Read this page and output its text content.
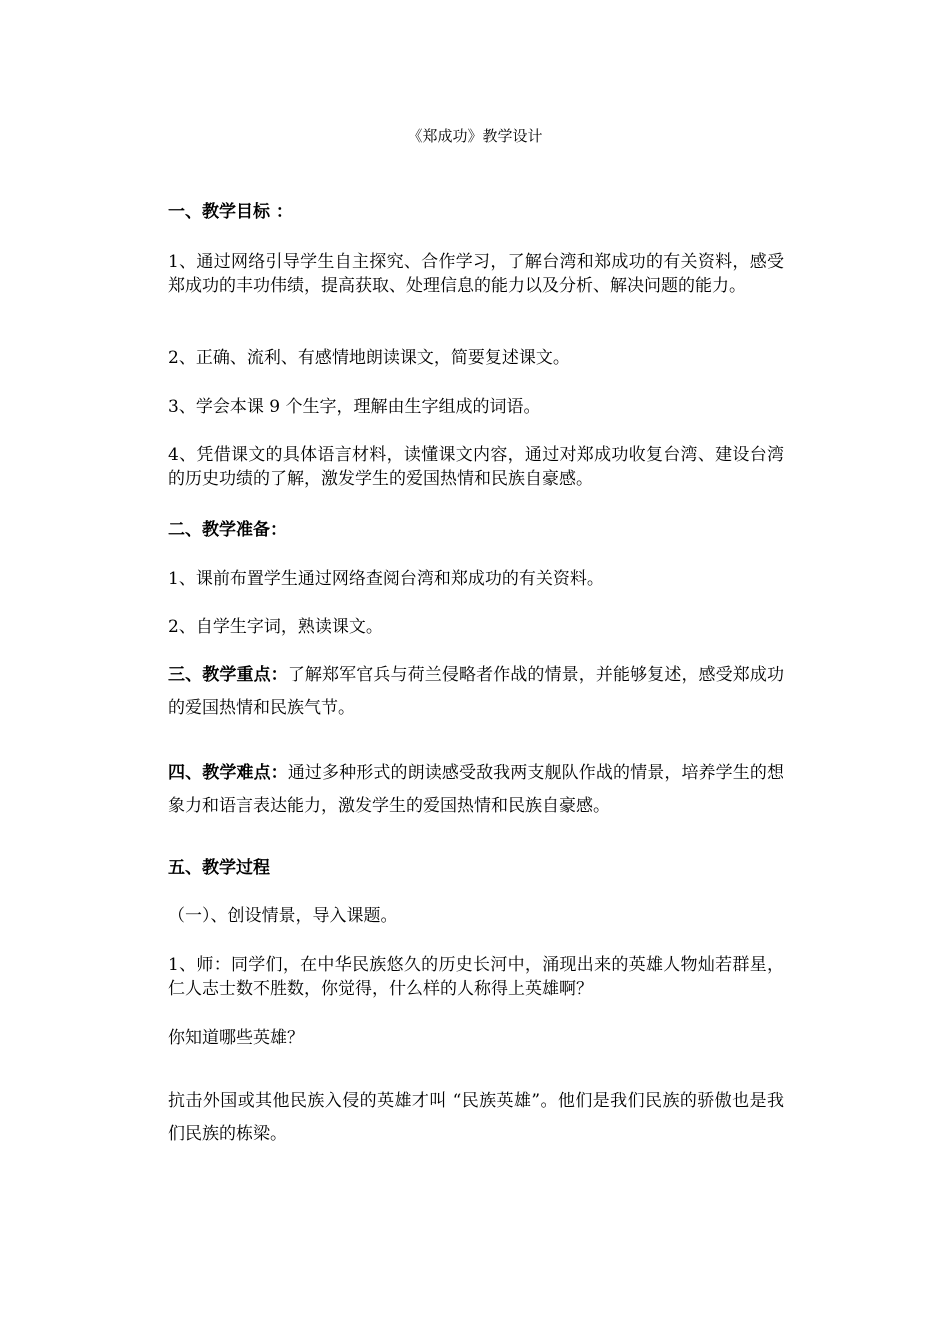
《郑成功》教学设计
一、教学目标 ：
1、通过网络引导学生自主探究、合作学习，了解台湾和郑成功的有关资料，感受郑成功的丰功伟绩，提高获取、处理信息的能力以及分析、解决问题的能力。
2、正确、流利、有感情地朗读课文，简要复述课文。
3、学会本课 9 个生字，理解由生字组成的词语。
4、凭借课文的具体语言材料，读懂课文内容，通过对郑成功收复台湾、建设台湾的历史功绩的了解，激发学生的爱国热情和民族自豪感。
二、教学准备：
1、课前布置学生通过网络查阅台湾和郑成功的有关资料。
2、自学生字词，熟读课文。
三、教学重点：了解郑军官兵与荷兰侵略者作战的情景，并能够复述，感受郑成功的爱国热情和民族气节。
四、教学难点：通过多种形式的朗读感受敌我两支舰队作战的情景，培养学生的想象力和语言表达能力，激发学生的爱国热情和民族自豪感。
五、教学过程
（一）、创设情景，导入课题。
1、师：同学们，在中华民族悠久的历史长河中，涌现出来的英雄人物灿若群星，仁人志士数不胜数，你觉得，什么样的人称得上英雄啊？
你知道哪些英雄？
抗击外国或其他民族入侵的英雄才叫 “民族英雄”。他们是我们民族的骄傲也是我们民族的栋梁。
